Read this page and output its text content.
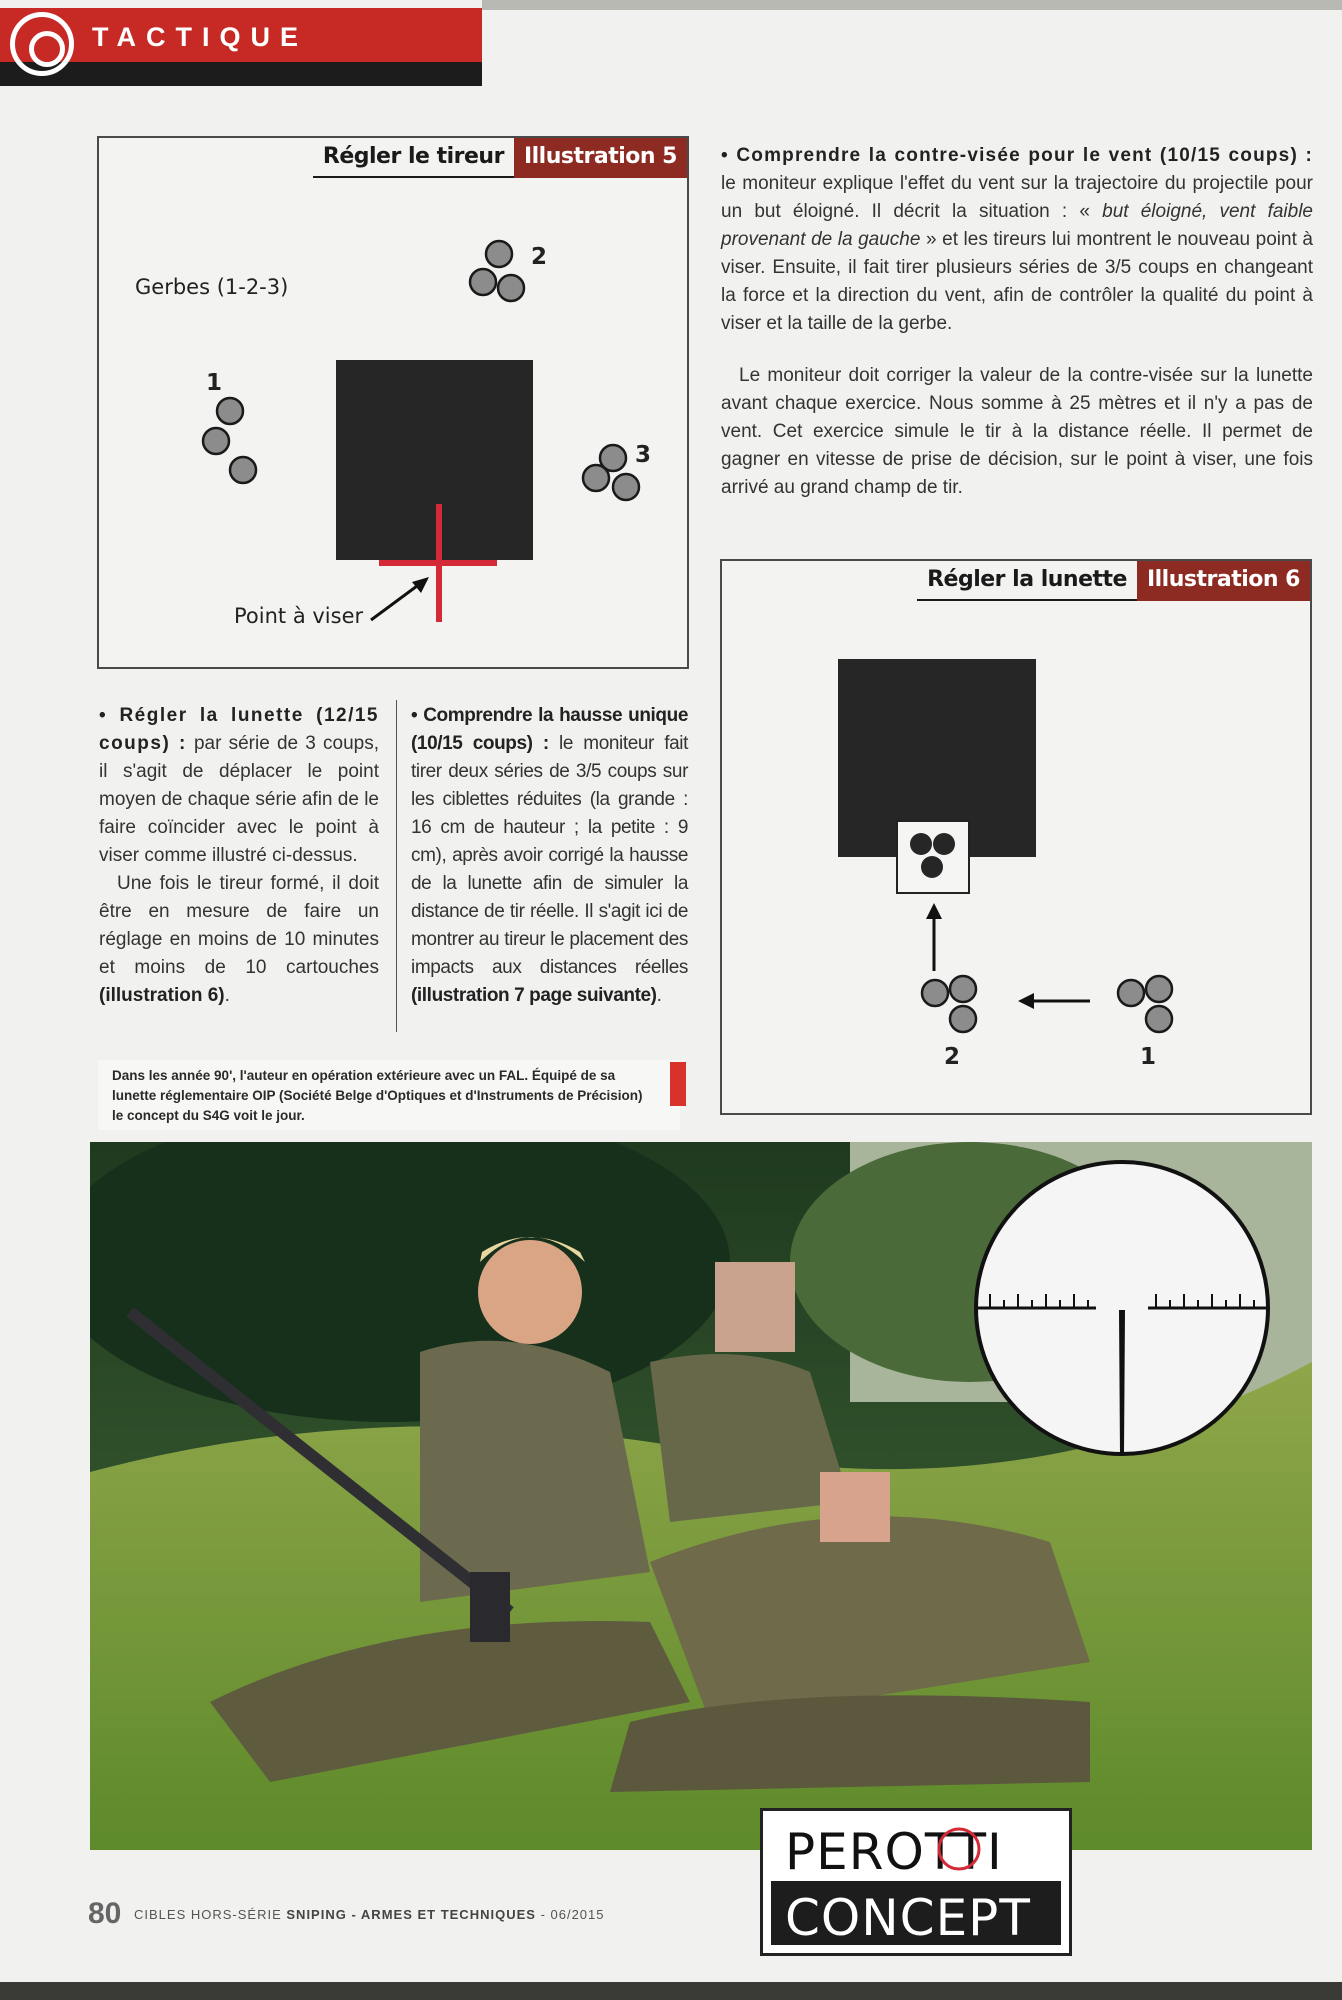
TACTIQUE
Régler le tireur Illustration 5
2
Gerbes (1-2-3)
1
3
Point à viser
Régler la lunette Illustration 6
2	1

• Régler la lunette (12/15 coups) : par série de 3 coups, il s'agit de déplacer le point moyen de chaque série afin de le faire coïncider avec le point à viser comme illustré ci-dessus.

Une fois le tireur formé, il doit être en mesure de faire un réglage en moins de 10 minutes et moins de 10 cartouches (illustration 6).

• Comprendre la hausse unique (10/15 coups) : le moniteur fait tirer deux séries de 3/5 coups sur les ciblettes réduites (la grande : 16 cm de hauteur ; la petite : 9 cm), après avoir corrigé la hausse de la lunette afin de simuler la distance de tir réelle. Il s'agit ici de montrer au tireur le placement des impacts aux distances réelles (illustration 7 page suivante).

• Comprendre la contre-visée pour le vent (10/15 coups) : le moniteur explique l'effet du vent sur la trajectoire du projectile pour un but éloigné. Il décrit la situation : « but éloigné, vent faible provenant de la gauche » et les tireurs lui montrent le nouveau point à viser. Ensuite, il fait tirer plusieurs séries de 3/5 coups en changeant la force et la direction du vent, afin de contrôler la qualité du point à viser et la taille de la gerbe.

Le moniteur doit corriger la valeur de la contre-visée sur la lunette avant chaque exercice. Nous somme à 25 mètres et il n'y a pas de vent. Cet exercice simule le tir à la distance réelle. Il permet de gagner en vitesse de prise de décision, sur le point à viser, une fois arrivé au grand champ de tir.

Dans les année 90', l'auteur en opération extérieure avec un FAL. Équipé de sa lunette réglementaire OIP (Société Belge d'Optiques et d'Instruments de Précision) le concept du S4G voit le jour.
PEROTTI
CONCEPT
80 CIBLES HORS-SÉRIE SNIPING - ARMES ET TECHNIQUES - 06/2015
